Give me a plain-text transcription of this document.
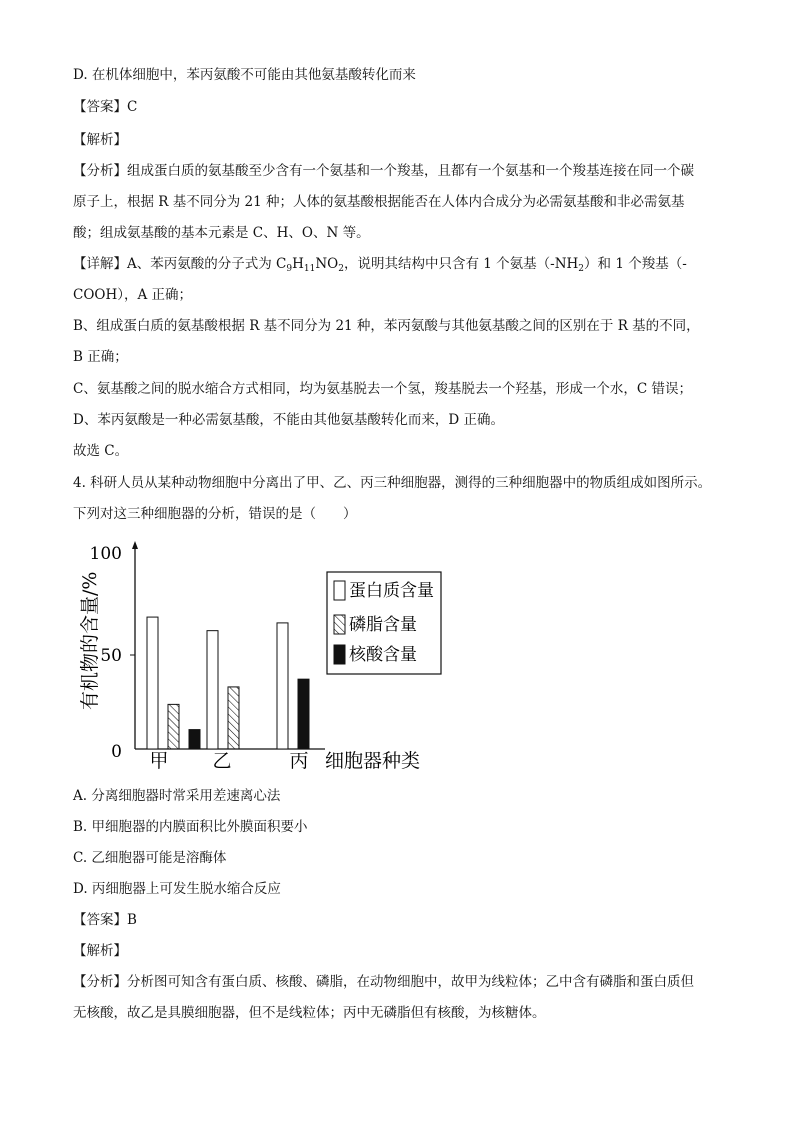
D. 在机体细胞中，苯丙氨酸不可能由其他氨基酸转化而来
【答案】C
【解析】
【分析】组成蛋白质的氨基酸至少含有一个氨基和一个羧基，且都有一个氨基和一个羧基连接在同一个碳
原子上，根据 R 基不同分为 21 种；人体的氨基酸根据能否在人体内合成分为必需氨基酸和非必需氨基
酸；组成氨基酸的基本元素是 C、H、O、N 等。
【详解】A、苯丙氨酸的分子式为 $C_9H_{11}NO_2$，说明其结构中只含有 1 个氨基$(-NH_2)$和 1 个羧基（-
COOH），A 正确；
B、组成蛋白质的氨基酸根据 R 基不同分为 21 种，苯丙氨酸与其他氨基酸之间的区别在于 R 基的不同，
B 正确；
C、氨基酸之间的脱水缩合方式相同，均为氨基脱去一个氢，羧基脱去一个羟基，形成一个水，C 错误；
D、苯丙氨酸是一种必需氨基酸，不能由其他氨基酸转化而来，D 正确。
故选 C。
4. 科研人员从某种动物细胞中分离出了甲、乙、丙三种细胞器，测得的三种细胞器中的物质组成如图所示。
下列对这三种细胞器的分析，错误的是（　　）
100
50
0
有机物的含量/%
细胞器种类
甲 乙	丙
蛋白质含量
磷脂含量
核酸含量
A. 分离细胞器时常采用差速离心法
B. 甲细胞器的内膜面积比外膜面积要小
C. 乙细胞器可能是溶酶体
D. 丙细胞器上可发生脱水缩合反应
【答案】B
【解析】
【分析】分析图可知含有蛋白质、核酸、磷脂，在动物细胞中，故甲为线粒体；乙中含有磷脂和蛋白质但
无核酸，故乙是具膜细胞器，但不是线粒体；丙中无磷脂但有核酸，为核糖体。
